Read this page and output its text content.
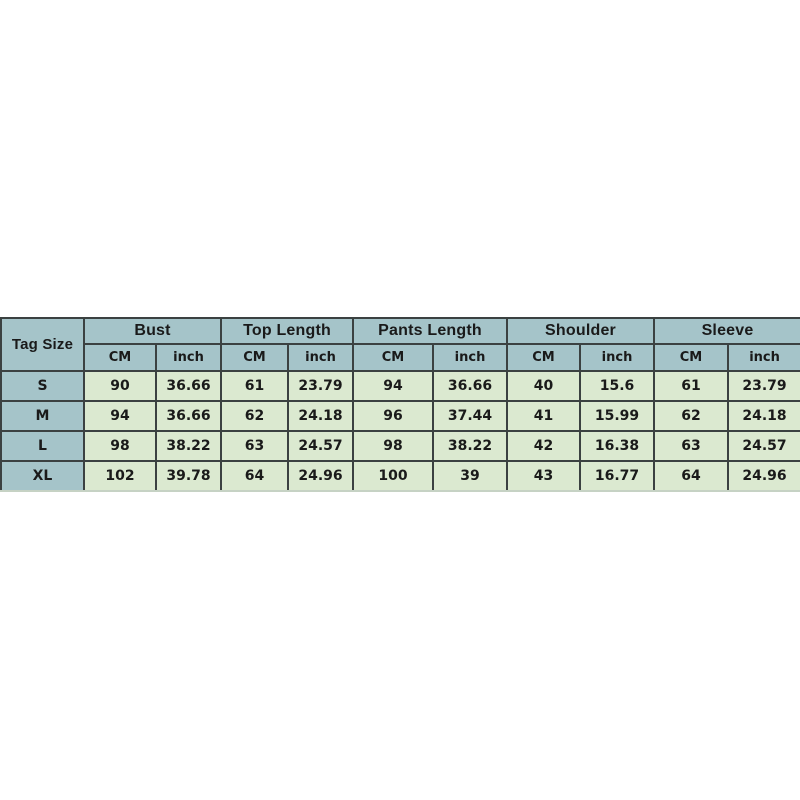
Tag Size	Bust		Top Length		Pants Length		Shoulder		Sleeve	
	CM	inch	CM	inch	CM	inch	CM	inch	CM	inch
S	90	36.66	61	23.79	94	36.66	40	15.6	61	23.79
M	94	36.66	62	24.18	96	37.44	41	15.99	62	24.18
L	98	38.22	63	24.57	98	38.22	42	16.38	63	24.57
XL	102	39.78	64	24.96	100	39	43	16.77	64	24.96
